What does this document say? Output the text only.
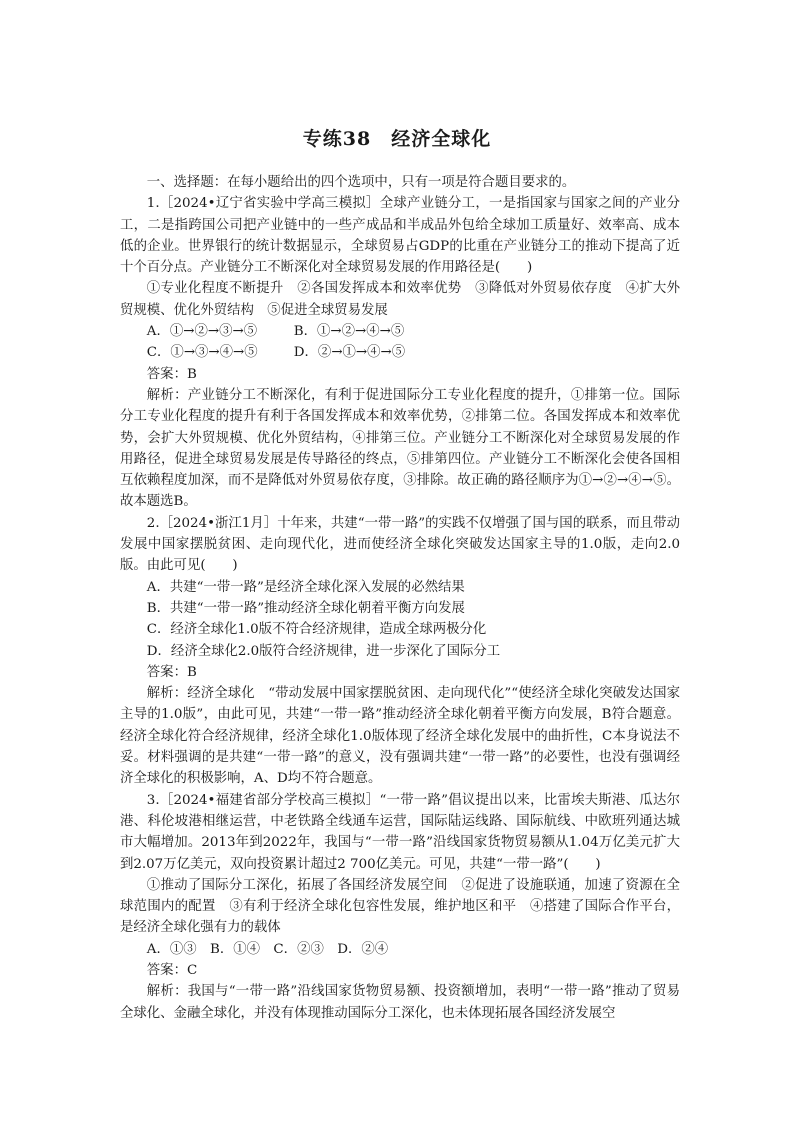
专练38　经济全球化

一、选择题：在每小题给出的四个选项中，只有一项是符合题目要求的。

1.［2024•辽宁省实验中学高三模拟］全球产业链分工，一是指国家与国家之间的产业分工，二是指跨国公司把产业链中的一些产成品和半成品外包给全球加工质量好、效率高、成本低的企业。世界银行的统计数据显示，全球贸易占GDP的比重在产业链分工的推动下提高了近十个百分点。产业链分工不断深化对全球贸易发展的作用路径是(　　)

①专业化程度不断提升　②各国发挥成本和效率优势　③降低对外贸易依存度　④扩大外贸规模、优化外贸结构　⑤促进全球贸易发展

A．①→②→③→⑤	B．①→②→④→⑤
C．①→③→④→⑤	D．②→①→④→⑤

答案：B

解析：产业链分工不断深化，有利于促进国际分工专业化程度的提升，①排第一位。国际分工专业化程度的提升有利于各国发挥成本和效率优势，②排第二位。各国发挥成本和效率优势，会扩大外贸规模、优化外贸结构，④排第三位。产业链分工不断深化对全球贸易发展的作用路径，促进全球贸易发展是传导路径的终点，⑤排第四位。产业链分工不断深化会使各国相互依赖程度加深，而不是降低对外贸易依存度，③排除。故正确的路径顺序为①→②→④→⑤。故本题选B。

2.［2024•浙江1月］十年来，共建“一带一路”的实践不仅增强了国与国的联系，而且带动发展中国家摆脱贫困、走向现代化，进而使经济全球化突破发达国家主导的1.0版，走向2.0版。由此可见(　　)

A．共建“一带一路”是经济全球化深入发展的必然结果

B．共建“一带一路”推动经济全球化朝着平衡方向发展

C．经济全球化1.0版不符合经济规律，造成全球两极分化

D．经济全球化2.0版符合经济规律，进一步深化了国际分工

答案：B

解析：经济全球化　“带动发展中国家摆脱贫困、走向现代化”“使经济全球化突破发达国家主导的1.0版”，由此可见，共建“一带一路”推动经济全球化朝着平衡方向发展，B符合题意。经济全球化符合经济规律，经济全球化1.0版体现了经济全球化发展中的曲折性，C本身说法不妥。材料强调的是共建“一带一路”的意义，没有强调共建“一带一路”的必要性，也没有强调经济全球化的积极影响，A、D均不符合题意。

3.［2024•福建省部分学校高三模拟］“一带一路”倡议提出以来，比雷埃夫斯港、瓜达尔港、科伦坡港相继运营，中老铁路全线通车运营，国际陆运线路、国际航线、中欧班列通达城市大幅增加。2013年到2022年，我国与“一带一路”沿线国家货物贸易额从1.04万亿美元扩大到2.07万亿美元，双向投资累计超过2 700亿美元。可见，共建“一带一路”(　　)

①推动了国际分工深化，拓展了各国经济发展空间　②促进了设施联通，加速了资源在全球范围内的配置　③有利于经济全球化包容性发展，维护地区和平　④搭建了国际合作平台，是经济全球化强有力的载体

A．①③　B．①④　C．②③　D．②④

答案：C

解析：我国与“一带一路”沿线国家货物贸易额、投资额增加，表明“一带一路”推动了贸易全球化、金融全球化，并没有体现推动国际分工深化，也未体现拓展各国经济发展空
